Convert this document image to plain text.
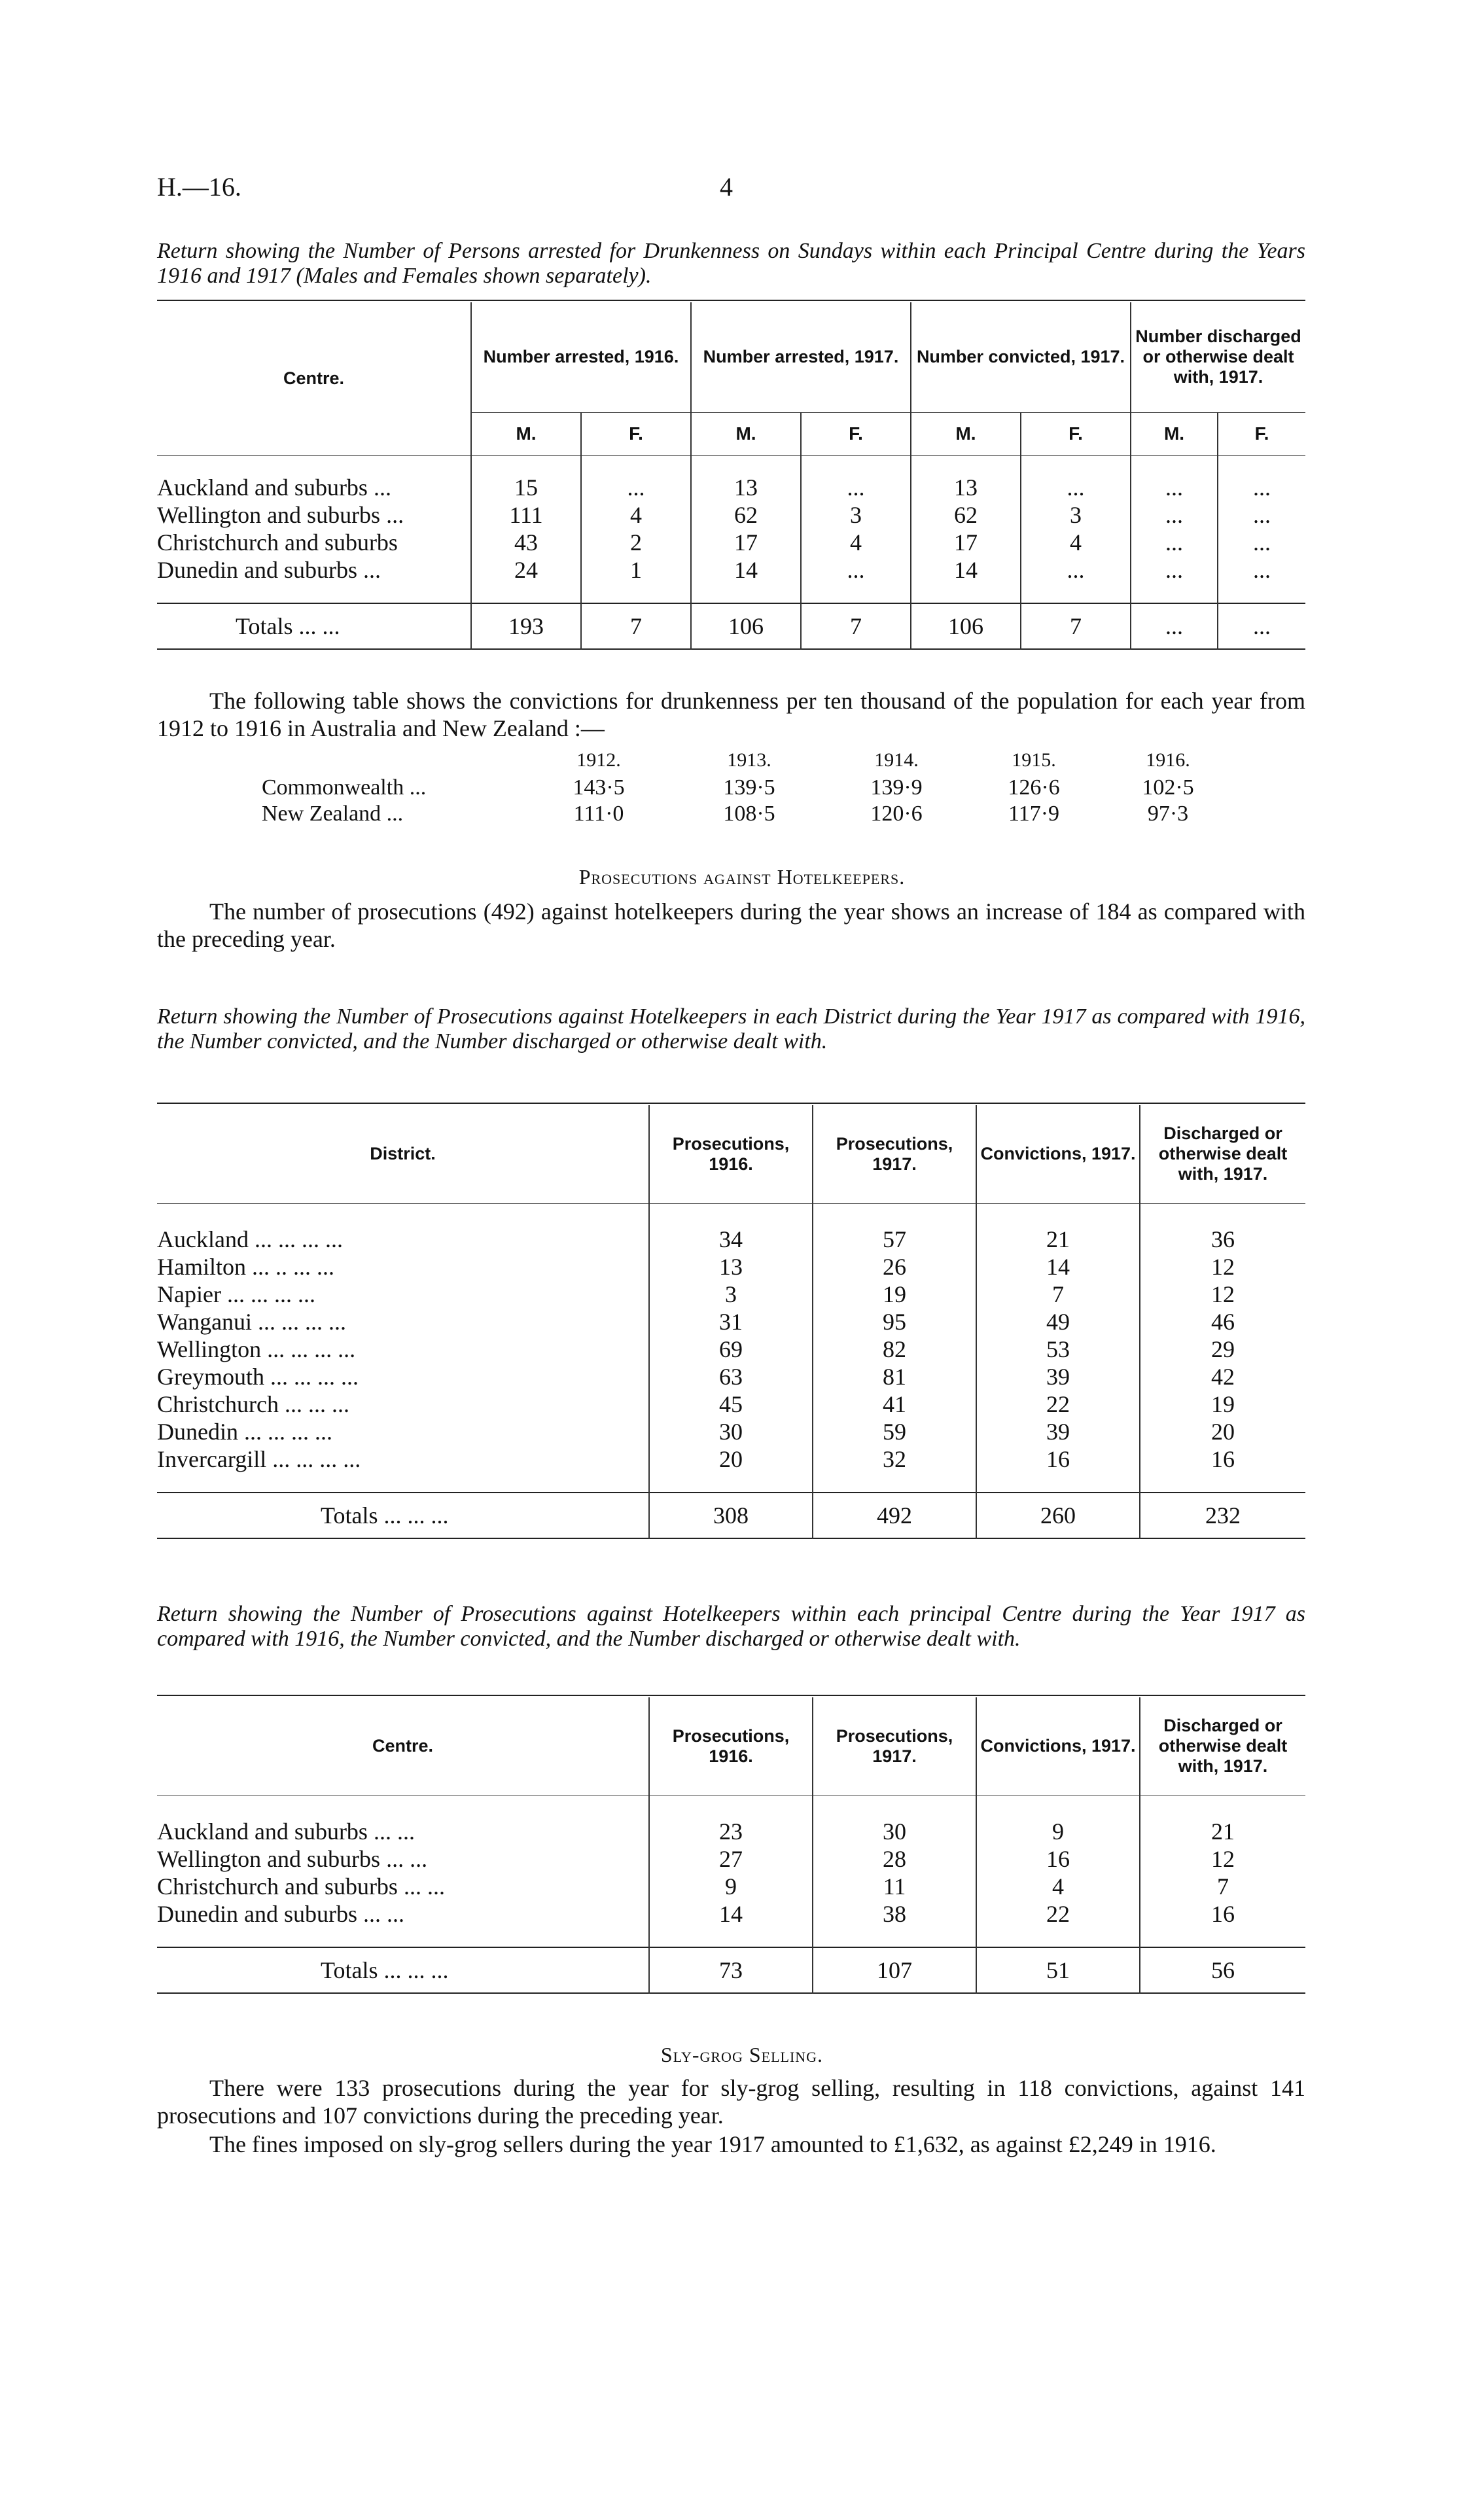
H.—16.	4
Return showing the Number of Persons arrested for Drunkenness on Sundays within each Principal Centre during the Years 1916 and 1917 (Males and Females shown separately).
Centre.	Number arrested, 1916.		Number arrested, 1917.		Number convicted, 1917.		Number discharged or otherwise dealt with, 1917.	
	M.	F.	M.	F.	M.	F.	M.	F.

Auckland and suburbs ...	15	...	13	...	13	...	...	...
Wellington and suburbs ...	111	4	62	3	62	3	...	...
Christchurch and suburbs	43	2	17	4	17	4	...	...
Dunedin and suburbs ...	24	1	14	...	14	...	...	...

Totals ... ...	193	7	106	7	106	7	...	...
The following table shows the convictions for drunkenness per ten thousand of the population for each year from 1912 to 1916 in Australia and New Zealand :—
1912.	1913.	1914.	1915.	1916.
Commonwealth ...	143·5	139·5	139·9	126·6	102·5
New Zealand ...	111·0	108·5	120·6	117·9	97·3
Prosecutions against Hotelkeepers.
The number of prosecutions (492) against hotelkeepers during the year shows an increase of 184 as compared with the preceding year.
Return showing the Number of Prosecutions against Hotelkeepers in each District during the Year 1917 as compared with 1916, the Number convicted, and the Number discharged or otherwise dealt with.
District.	Prosecutions, 1916.	Prosecutions, 1917.	Convictions, 1917.	Discharged or otherwise dealt with, 1917.

Auckland ... ... ... ...	34	57	21	36
Hamilton ... .. ... ...	13	26	14	12
Napier ... ... ... ...	3	19	7	12
Wanganui ... ... ... ...	31	95	49	46
Wellington ... ... ... ...	69	82	53	29
Greymouth ... ... ... ...	63	81	39	42
Christchurch ... ... ...	45	41	22	19
Dunedin ... ... ... ...	30	59	39	20
Invercargill ... ... ... ...	20	32	16	16

Totals ... ... ...	308	492	260	232
Return showing the Number of Prosecutions against Hotelkeepers within each principal Centre during the Year 1917 as compared with 1916, the Number convicted, and the Number discharged or otherwise dealt with.
Centre.	Prosecutions, 1916.	Prosecutions, 1917.	Convictions, 1917.	Discharged or otherwise dealt with, 1917.

Auckland and suburbs ... ...	23	30	9	21
Wellington and suburbs ... ...	27	28	16	12
Christchurch and suburbs ... ...	9	11	4	7
Dunedin and suburbs ... ...	14	38	22	16

Totals ... ... ...	73	107	51	56
Sly-grog Selling.
There were 133 prosecutions during the year for sly-grog selling, resulting in 118 convictions, against 141 prosecutions and 107 convictions during the preceding year.
The fines imposed on sly-grog sellers during the year 1917 amounted to £1,632, as against £2,249 in 1916.
